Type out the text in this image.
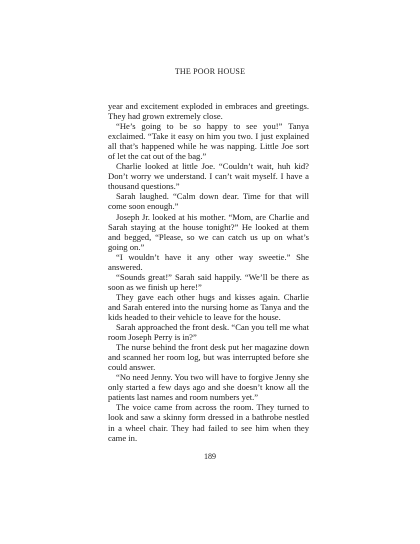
THE POOR HOUSE

year and excitement exploded in embraces and greetings. They had grown extremely close.

“He’s going to be so happy to see you!” Tanya exclaimed. “Take it easy on him you two. I just explained all that’s happened while he was napping. Little Joe sort of let the cat out of the bag.”

Charlie looked at little Joe. “Couldn’t wait, huh kid? Don’t worry we understand. I can’t wait myself. I have a thousand questions.”

Sarah laughed. “Calm down dear. Time for that will come soon enough.”

Joseph Jr. looked at his mother. “Mom, are Charlie and Sarah staying at the house tonight?” He looked at them and begged, “Please, so we can catch us up on what’s going on.”

“I wouldn’t have it any other way sweetie.” She answered.

“Sounds great!” Sarah said happily. “We’ll be there as soon as we finish up here!”

They gave each other hugs and kisses again. Charlie and Sarah entered into the nursing home as Tanya and the kids headed to their vehicle to leave for the house.

Sarah approached the front desk. “Can you tell me what room Joseph Perry is in?”

The nurse behind the front desk put her magazine down and scanned her room log, but was interrupted before she could answer.

“No need Jenny. You two will have to forgive Jenny she only started a few days ago and she doesn’t know all the patients last names and room numbers yet.”

The voice came from across the room. They turned to look and saw a skinny form dressed in a bathrobe nestled in a wheel chair. They had failed to see him when they came in.

189
